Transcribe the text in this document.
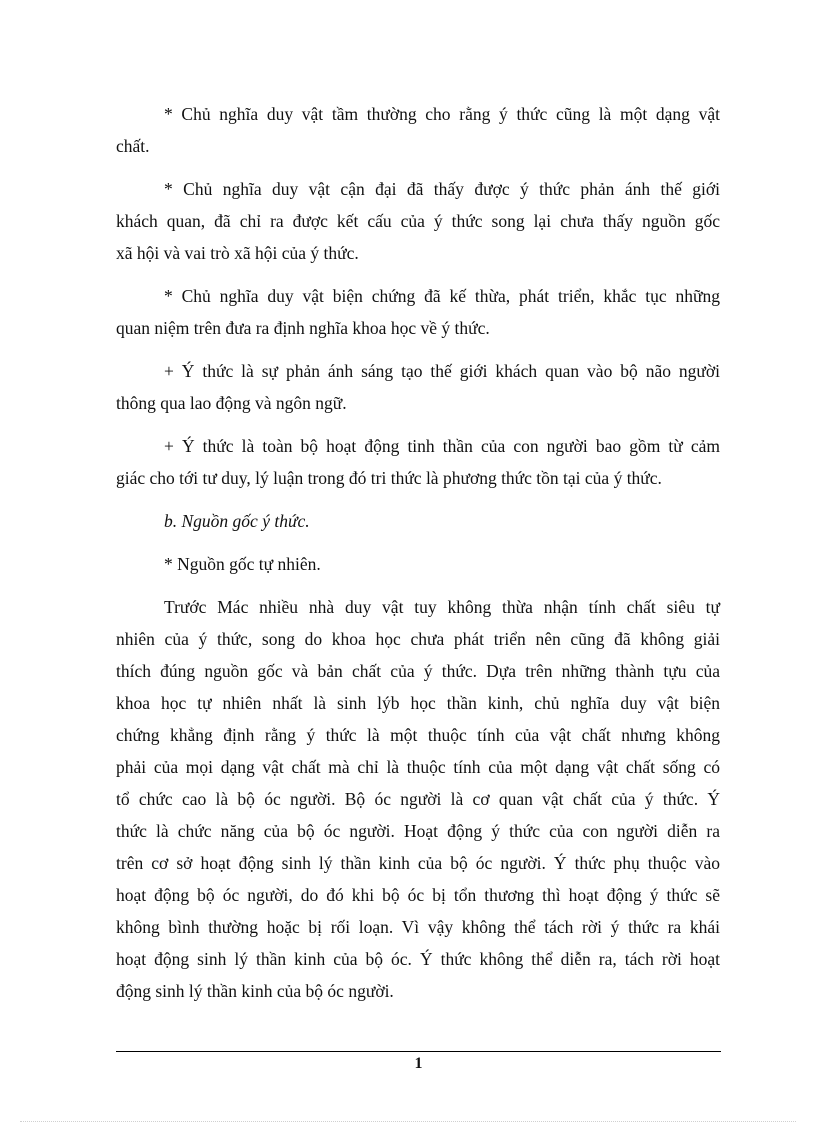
* Chủ nghĩa duy vật tầm thường cho rằng ý thức cũng là một dạng vật
chất.

* Chủ nghĩa duy vật cận đại đã thấy được ý thức phản ánh thế giới
khách quan, đã chỉ ra được kết cấu của ý thức song lại chưa thấy nguồn gốc
xã hội và vai trò xã hội của ý thức.

* Chủ nghĩa duy vật biện chứng đã kế thừa, phát triển, khắc tục những
quan niệm trên đưa ra định nghĩa khoa học về ý thức.

+ Ý thức là sự phản ánh sáng tạo thế giới khách quan vào bộ não người
thông qua lao động và ngôn ngữ.

+ Ý thức là toàn bộ hoạt động tinh thần của con người bao gồm từ cảm
giác cho tới tư duy, lý luận trong đó tri thức là phương thức tồn tại của ý thức.

b. Nguồn gốc ý thức.

* Nguồn gốc tự nhiên.

Trước Mác nhiều nhà duy vật tuy không thừa nhận tính chất siêu tự
nhiên của ý thức, song do khoa học chưa phát triển nên cũng đã không giải
thích đúng nguồn gốc và bản chất của ý thức. Dựa trên những thành tựu của
khoa học tự nhiên nhất là sinh lýb học thần kinh, chủ nghĩa duy vật biện
chứng khẳng định rằng ý thức là một thuộc tính của vật chất nhưng không
phải của mọi dạng vật chất mà chỉ là thuộc tính của một dạng vật chất sống có
tổ chức cao là bộ óc người. Bộ óc người là cơ quan vật chất của ý thức. Ý
thức là chức năng của bộ óc người. Hoạt động ý thức của con người diễn ra
trên cơ sở hoạt động sinh lý thần kinh của bộ óc người. Ý thức phụ thuộc vào
hoạt động bộ óc người, do đó khi bộ óc bị tổn thương thì hoạt động ý thức sẽ
không bình thường hoặc bị rối loạn. Vì vậy không thể tách rời ý thức ra khái
hoạt động sinh lý thần kinh của bộ óc. Ý thức không thể diễn ra, tách rời hoạt
động sinh lý thần kinh của bộ óc người.

1
